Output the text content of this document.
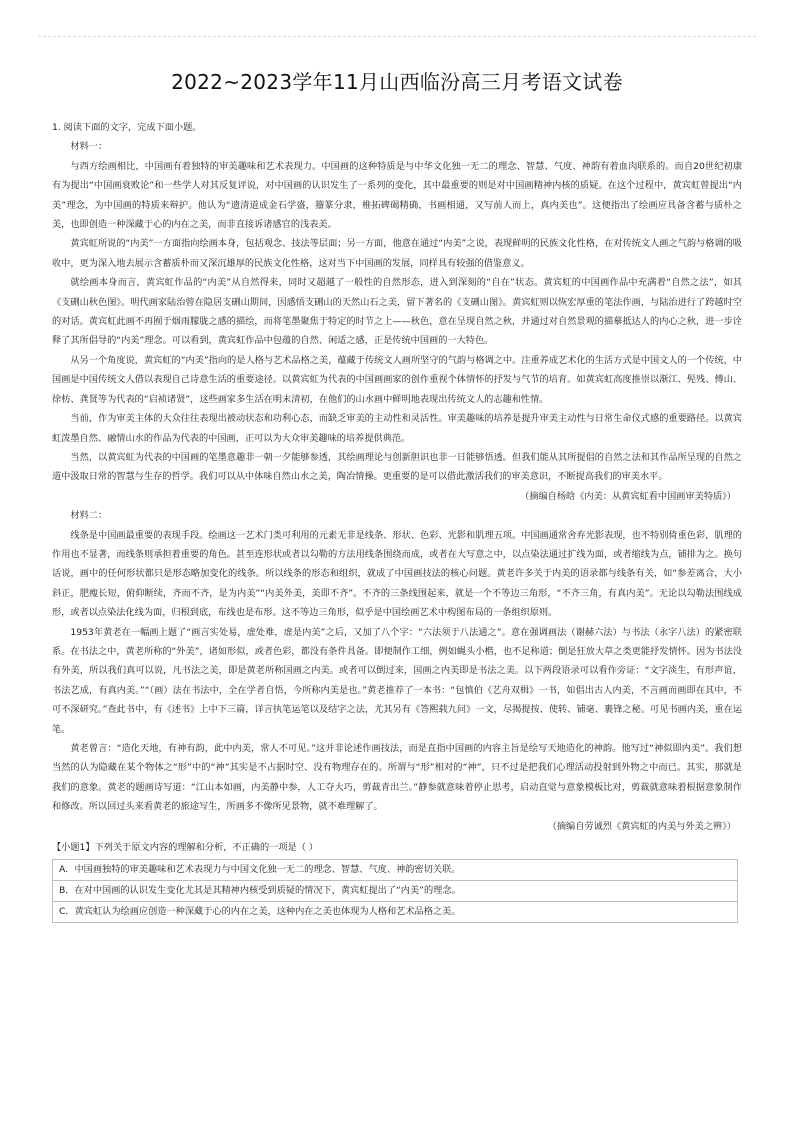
2022~2023学年11月山西临汾高三月考语文试卷
1. 阅读下面的文字，完成下面小题。
材料一：
与西方绘画相比，中国画有着独特的审美趣味和艺术表现力。中国画的这种特质是与中华文化独一无二的理念、智慧、气度、神韵有着血肉联系的。而自20世纪初康有为提出“中国画衰败论”和一些学人对其反复评说，对中国画的认识发生了一系列的变化，其中最重要的则是对中国画精神内核的质疑。在这个过程中，黄宾虹曾提出“内美”理念，为中国画的特质来辩护。他认为“遗清道成金石学盛，籀篆分隶，椎拓碑碣精确，书画相通，又写前人而上，真内美也”。这便指出了绘画应具备含蓄与质朴之美，也即创造一种深藏于心的内在之美，而非直接诉诸感官的浅表美。
黄宾虹所说的“内美”一方面指向绘画本身，包括观念、技法等层面；另一方面，他意在通过“内美”之说，表现鲜明的民族文化性格，在对传统文人画之气韵与格调的吸收中，更为深入地去展示含蓄质朴而又深沉雄厚的民族文化性格，这对当下中国画的发展，同样具有较强的借鉴意义。
就绘画本身而言，黄宾虹作品的“内美”从自然得来，同时又超越了一般性的自然形态，进入到深刻的“自在”状态。黄宾虹的中国画作品中充满着“自然之法”，如其《支硎山秋色图》。明代画家陆治曾在隐居支硎山期间，因感悟支硎山的天然山石之美，留下著名的《支硎山图》。黄宾虹则以恢宏厚重的笔法作画，与陆治进行了跨越时空的对话。黄宾虹此画不再囿于烟雨朦胧之感的描绘，而将笔墨聚焦于特定的时节之上——秋色，意在呈现自然之秋，并通过对自然景观的描摹抵达人的内心之秋，进一步诠释了其所倡导的“内美”理念。可以看到，黄宾虹作品中包蕴的自然、闲适之感，正是传统中国画的一大特色。
从另一个角度说，黄宾虹的“内美”指向的是人格与艺术品格之美，蕴藏于传统文人画所坚守的气韵与格调之中。注重养成艺术化的生活方式是中国文人的一个传统，中国画是中国传统文人借以表现自己诗意生活的重要途径。以黄宾虹为代表的中国画画家的创作重视个体情怀的抒发与气节的培育。如黄宾虹高度推崇以渐江、髡残、傅山、徐枋、龚贤等为代表的“启祯诸贤”，这些画家多生活在明末清初，在他们的山水画中鲜明地表现出传统文人的志趣和性情。
当前，作为审美主体的大众往往表现出被动状态和功利心态，而缺乏审美的主动性和灵活性。审美趣味的培养是提升审美主动性与日常生命仪式感的重要路径。以黄宾虹泼墨自然、融情山水的作品为代表的中国画，正可以为大众审美趣味的培养提供典范。
当然，以黄宾虹为代表的中国画的笔墨意趣非一朝一夕能够参透，其绘画理论与创新胆识也非一日能够悟透。但我们能从其所提倡的自然之法和其作品所呈现的自然之道中汲取日常的智慧与生存的哲学。我们可以从中体味自然山水之美，陶冶情操。更重要的是可以借此激活我们的审美意识，不断提高我们的审美水平。
（摘编自杨晗《内美：从黄宾虹看中国画审美特质》）
材料二：
线条是中国画最重要的表现手段。绘画这一艺术门类可利用的元素无非是线条、形状、色彩、光影和肌理五项。中国画通常舍弃光影表现，也不特别倚重色彩，肌理的作用也不显著，而线条则承担着重要的角色。甚至连形状或者以勾勒的方法用线条围绕而成，或者在大写意之中，以点染法通过扩线为面，或者缩线为点，铺排为之。换句话说，画中的任何形状都只是形态略加变化的线条。所以线条的形态和组织，就成了中国画技法的核心问题。黄老许多关于内美的语录都与线条有关，如“参差离合，大小斜正，肥瘦长短，俯仰断续，齐而不齐，是为内美”“内美外美，美即不齐”。不齐的三条线围起来，就是一个不等边三角形，“不齐三角，有真内美”。无论以勾勒法围线成形，或者以点染法化线为面，归根到底，布线也是布形。这不等边三角形，似乎是中国绘画艺术中构图布局的一条组织原则。
1953年黄老在一幅画上题了“画言实处易，虚处难，虚是内美”之后，又加了八个字：“六法须于八法通之”。意在强调画法（谢赫六法）与书法（永字八法）的紧密联系。在书法之中，黄老所称的“外美”，诸如形似，或者色彩，都没有条件具备。即便制作工细，例如蝇头小楷，也不足称道；倒是狂放大草之类更能抒发情怀。因为书法没有外美，所以我们真可以说，凡书法之美，即是黄老所称国画之内美。或者可以倒过来，国画之内美即是书法之美。以下两段语录可以看作旁证：“文字淡生，有形声谊，书法艺成，有真内美。”“（画）法在书法中，全在学者自悟，今所称内美是也。”黄老推荐了一本书：“包慎伯《艺舟双楫》一书，如倡出古人内美，不言画而画即在其中，不可不深研究。”查此书中，有《述书》上中下三篇，详言执笔运笔以及结字之法，尤其另有《答熙载九问》一文，尽揭提按、使转、铺毫、裹锋之秘。可见书画内美，重在运笔。
黄老曾言：“造化天地，有神有韵，此中内美，常人不可见。”这并非论述作画技法，而是直指中国画的内容主旨是绘写天地造化的神韵。他写过“神似即内美”。我们想当然的认为隐藏在某个物体之“形”中的“神”其实是不占据时空、没有物理存在的。所谓与“形”相对的“神”，只不过是把我们心理活动投射到外物之中而已。其实，那就是我们的意象。黄老的题画诗写道：“江山本如画，内美静中参，人工夺大巧，剪裁青出兰。”静参就意味着停止思考，启动直觉与意象模板比对，剪裁就意味着根据意象制作和修改。所以回过头来看黄老的旅途写生，所画多不像所见景物，就不难理解了。
（摘编自劳诚烈《黄宾虹的内美与外美之辨》）
【小题1】下列关于原文内容的理解和分析，不正确的一项是（ ）
A．中国画独特的审美趣味和艺术表现力与中国文化独一无二的理念、智慧、气度、神韵密切关联。
B．在对中国画的认识发生变化尤其是其精神内核受到质疑的情况下，黄宾虹提出了“内美”的理念。
C．黄宾虹认为绘画应创造一种深藏于心的内在之美，这种内在之美也体现为人格和艺术品格之美。
